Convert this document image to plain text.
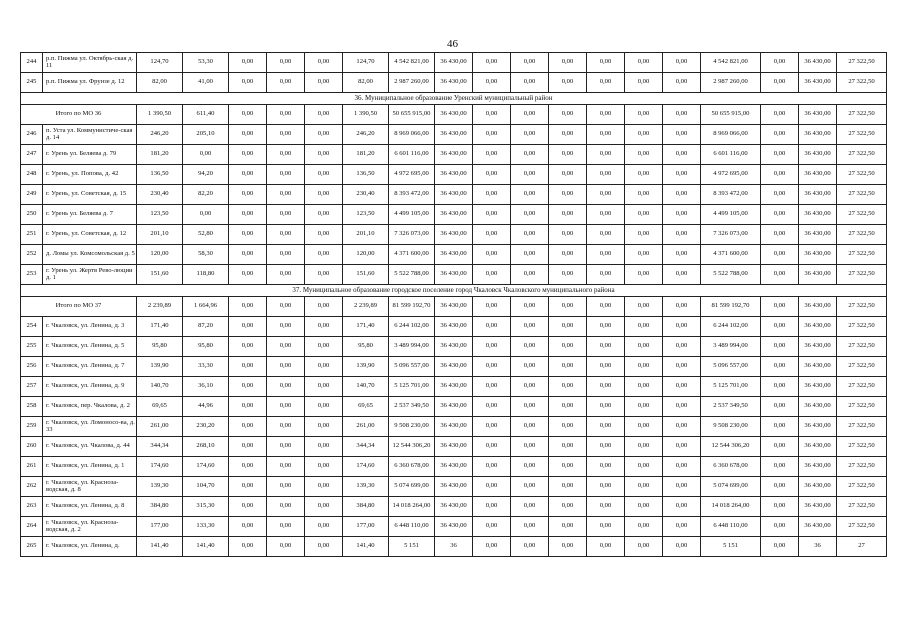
46
244	р.п. Пижма ул. Октябрь-ская д. 11	124,70	53,30	0,00	0,00	0,00	124,70	4 542 821,00	36 430,00	0,00	0,00	0,00	0,00	0,00	0,00	4 542 821,00	0,00	36 430,00	27 322,50
245	р.п. Пижма ул. Фрунзе д. 12	82,00	41,00	0,00	0,00	0,00	82,00	2 987 260,00	36 430,00	0,00	0,00	0,00	0,00	0,00	0,00	2 987 260,00	0,00	36 430,00	27 322,50
36. Муниципальное образование Уренский муниципальный район																			
Итого по МО 36		1 390,50	611,40	0,00	0,00	0,00	1 390,50	50 655 915,00	36 430,00	0,00	0,00	0,00	0,00	0,00	0,00	50 655 915,00	0,00	36 430,00	27 322,50
246	п. Уста ул. Коммунистиче-ская д. 14	246,20	205,10	0,00	0,00	0,00	246,20	8 969 066,00	36 430,00	0,00	0,00	0,00	0,00	0,00	0,00	8 969 066,00	0,00	36 430,00	27 322,50
247	г. Урень ул. Беляева д. 79	181,20	0,00	0,00	0,00	0,00	181,20	6 601 116,00	36 430,00	0,00	0,00	0,00	0,00	0,00	0,00	6 601 116,00	0,00	36 430,00	27 322,50
248	г. Урень, ул. Попова, д. 42	136,50	94,20	0,00	0,00	0,00	136,50	4 972 695,00	36 430,00	0,00	0,00	0,00	0,00	0,00	0,00	4 972 695,00	0,00	36 430,00	27 322,50
249	г. Урень, ул. Советская, д. 15	230,40	82,20	0,00	0,00	0,00	230,40	8 393 472,00	36 430,00	0,00	0,00	0,00	0,00	0,00	0,00	8 393 472,00	0,00	36 430,00	27 322,50
250	г. Урень ул. Беляева д. 7	123,50	0,00	0,00	0,00	0,00	123,50	4 499 105,00	36 430,00	0,00	0,00	0,00	0,00	0,00	0,00	4 499 105,00	0,00	36 430,00	27 322,50
251	г. Урень, ул. Советская, д. 12	201,10	52,80	0,00	0,00	0,00	201,10	7 326 073,00	36 430,00	0,00	0,00	0,00	0,00	0,00	0,00	7 326 073,00	0,00	36 430,00	27 322,50
252	д. Ломы ул. Комсомольская д. 5	120,00	58,30	0,00	0,00	0,00	120,00	4 371 600,00	36 430,00	0,00	0,00	0,00	0,00	0,00	0,00	4 371 600,00	0,00	36 430,00	27 322,50
253	г. Урень ул. Жертв Рево-люции д. 1	151,60	118,80	0,00	0,00	0,00	151,60	5 522 788,00	36 430,00	0,00	0,00	0,00	0,00	0,00	0,00	5 522 788,00	0,00	36 430,00	27 322,50
37. Муниципальное образование городское поселение город Чкаловск Чкаловского муниципального района																			
Итого по МО 37		2 239,89	1 664,96	0,00	0,00	0,00	2 239,89	81 599 192,70	36 430,00	0,00	0,00	0,00	0,00	0,00	0,00	81 599 192,70	0,00	36 430,00	27 322,50
254	г. Чкаловск, ул. Ленина, д. 3	171,40	87,20	0,00	0,00	0,00	171,40	6 244 102,00	36 430,00	0,00	0,00	0,00	0,00	0,00	0,00	6 244 102,00	0,00	36 430,00	27 322,50
255	г. Чкаловск, ул. Ленина, д. 5	95,80	95,80	0,00	0,00	0,00	95,80	3 489 994,00	36 430,00	0,00	0,00	0,00	0,00	0,00	0,00	3 489 994,00	0,00	36 430,00	27 322,50
256	г. Чкаловск, ул. Ленина, д. 7	139,90	33,30	0,00	0,00	0,00	139,90	5 096 557,00	36 430,00	0,00	0,00	0,00	0,00	0,00	0,00	5 096 557,00	0,00	36 430,00	27 322,50
257	г. Чкаловск, ул. Ленина, д. 9	140,70	36,10	0,00	0,00	0,00	140,70	5 125 701,00	36 430,00	0,00	0,00	0,00	0,00	0,00	0,00	5 125 701,00	0,00	36 430,00	27 322,50
258	г. Чкаловск, пер. Чкалова, д. 2	69,65	44,96	0,00	0,00	0,00	69,65	2 537 349,50	36 430,00	0,00	0,00	0,00	0,00	0,00	0,00	2 537 349,50	0,00	36 430,00	27 322,50
259	г. Чкаловск, ул. Ломоносо-ва, д. 33	261,00	230,20	0,00	0,00	0,00	261,00	9 508 230,00	36 430,00	0,00	0,00	0,00	0,00	0,00	0,00	9 508 230,00	0,00	36 430,00	27 322,50
260	г. Чкаловск, ул. Чкалова, д. 44	344,34	268,10	0,00	0,00	0,00	344,34	12 544 306,20	36 430,00	0,00	0,00	0,00	0,00	0,00	0,00	12 544 306,20	0,00	36 430,00	27 322,50
261	г. Чкаловск, ул. Ленина, д. 1	174,60	174,60	0,00	0,00	0,00	174,60	6 360 678,00	36 430,00	0,00	0,00	0,00	0,00	0,00	0,00	6 360 678,00	0,00	36 430,00	27 322,50
262	г. Чкаловск, ул. Красноза-водская, д. 8	139,30	104,70	0,00	0,00	0,00	139,30	5 074 699,00	36 430,00	0,00	0,00	0,00	0,00	0,00	0,00	5 074 699,00	0,00	36 430,00	27 322,50
263	г. Чкаловск, ул. Ленина, д. 8	384,80	315,30	0,00	0,00	0,00	384,80	14 018 264,00	36 430,00	0,00	0,00	0,00	0,00	0,00	0,00	14 018 264,00	0,00	36 430,00	27 322,50
264	г. Чкаловск, ул. Красноза-водская, д. 2	177,00	133,30	0,00	0,00	0,00	177,00	6 448 110,00	36 430,00	0,00	0,00	0,00	0,00	0,00	0,00	6 448 110,00	0,00	36 430,00	27 322,50
265	г. Чкаловск, ул. Ленина, д.	141,40	141,40	0,00	0,00	0,00	141,40	5 151	36	0,00	0,00	0,00	0,00	0,00	0,00	5 151	0,00	36	27
